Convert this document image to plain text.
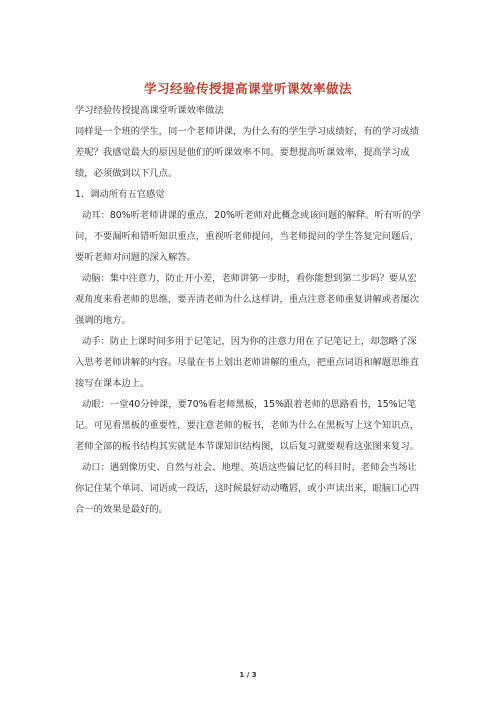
学习经验传授提高课堂听课效率做法

学习经验传授提高课堂听课效率做法

同样是一个班的学生，同一个老师讲课，为什么有的学生学习成绩好，有的学习成绩差呢？我感觉最大的原因是他们的听课效率不同。要想提高听课效率，提高学习成绩，必须做到以下几点。

1．调动所有五官感觉

动耳：80%听老师讲课的重点，20%听老师对此概念或该问题的解释。听有听的学问，不要漏听和错听知识重点，重视听老师提问，当老师提问的学生答复完问题后，要听老师对问题的深入解答。

动脑：集中注意力，防止开小差，老师讲第一步时，看你能想到第二步吗？要从宏观角度来看老师的思维，要弄清老师为什么这样讲，重点注意老师重复讲解或者屡次强调的地方。

动手：防止上课时间多用于记笔记，因为你的注意力用在了记笔记上，却忽略了深入思考老师讲解的内容。尽量在书上划出老师讲解的重点，把重点词语和解题思维直接写在课本边上。

动眼：一堂40分钟课，要70%看老师黑板，15%跟着老师的思路看书，15%记笔记。可见看黑板的重要性，要注意老师的板书，老师为什么在黑板写上这个知识点，老师全部的板书结构其实就是本节课知识结构图，以后复习就要观看这张图来复习。

动口：遇到像历史、自然与社会、地理、英语这些偏记忆的科目时，老师会当场让你记住某个单词、词语或一段话，这时候最好动动嘴唇，或小声读出来，眼脑口心四合一的效果是最好的。

1 / 3
